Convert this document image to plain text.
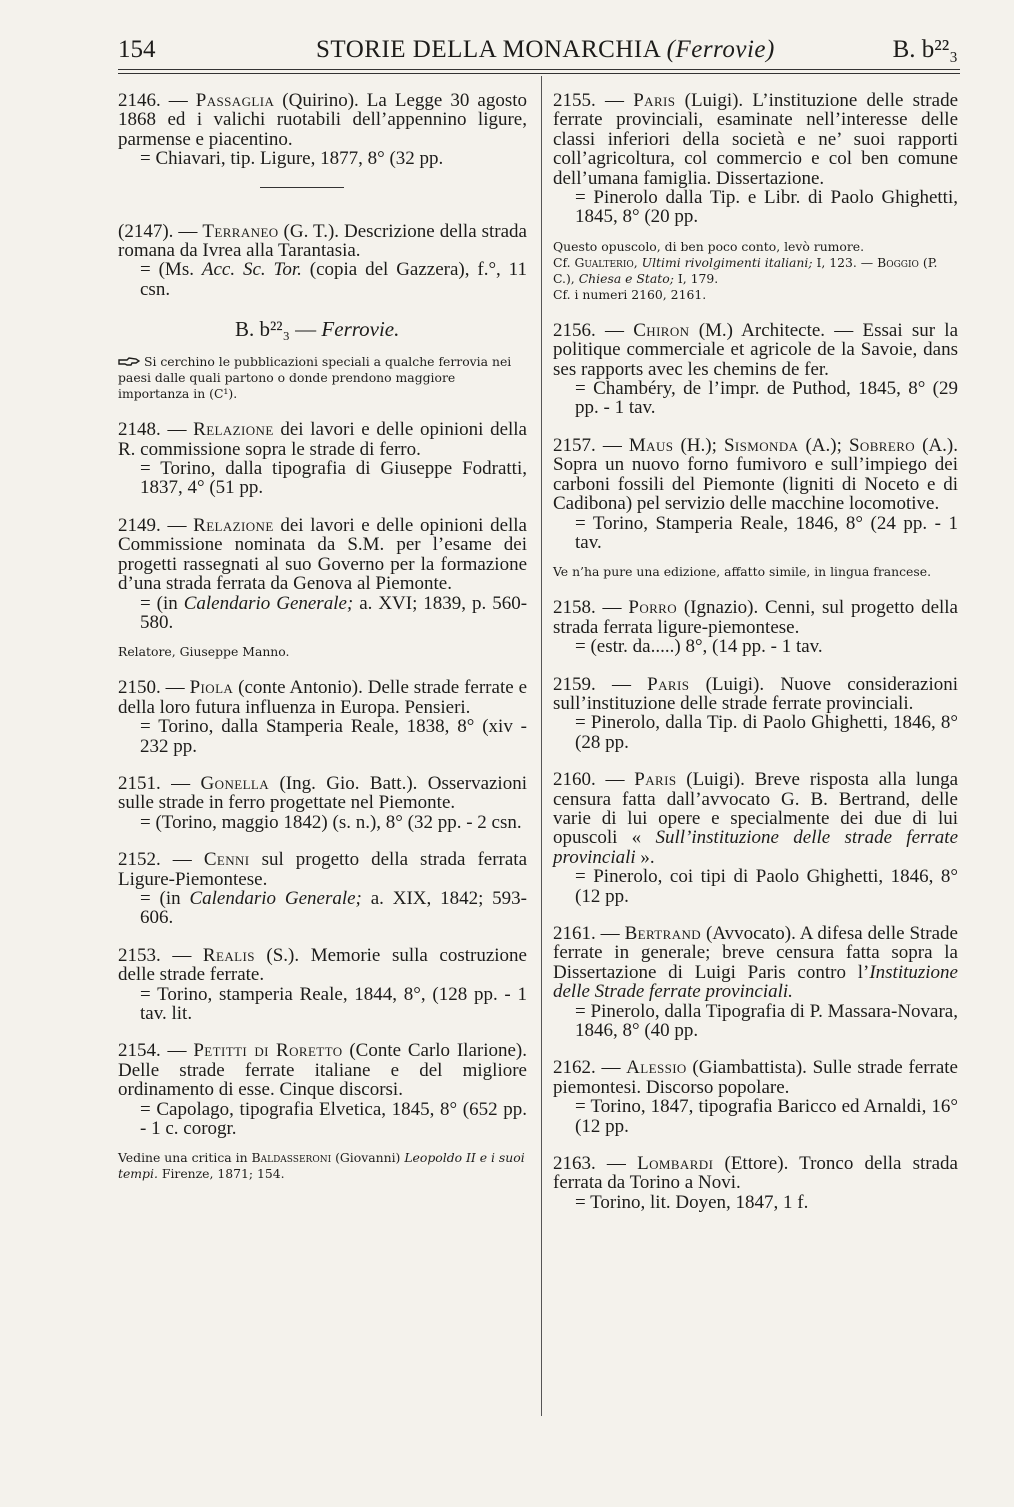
154	STORIE DELLA MONARCHIA (Ferrovie)	B. b²²₃
2146. — Passaglia (Quirino). La Legge 30 agosto 1868 ed i valichi ruotabili dell’appennino ligure, parmense e piacentino.
= Chiavari, tip. Ligure, 1877, 8° (32 pp.
(2147). — Terraneo (G. T.). Descrizione della strada romana da Ivrea alla Tarantasia.
= (Ms. Acc. Sc. Tor. (copia del Gazzera), f.°, 11 csn.
B. b²²₃ — Ferrovie.
Si cerchino le pubblicazioni speciali a qualche ferrovia nei paesi dalle quali partono o donde prendono maggiore importanza in (C¹).
2148. — Relazione dei lavori e delle opinioni della R. commissione sopra le strade di ferro.
= Torino, dalla tipografia di Giuseppe Fodratti, 1837, 4° (51 pp.
2149. — Relazione dei lavori e delle opinioni della Commissione nominata da S.M. per l’esame dei progetti rassegnati al suo Governo per la formazione d’una strada ferrata da Genova al Piemonte.
= (in Calendario Generale; a. XVI; 1839, p. 560-580.
Relatore, Giuseppe Manno.
2150. — Piola (conte Antonio). Delle strade ferrate e della loro futura influenza in Europa. Pensieri.
= Torino, dalla Stamperia Reale, 1838, 8° (xiv - 232 pp.
2151. — Gonella (Ing. Gio. Batt.). Osservazioni sulle strade in ferro progettate nel Piemonte.
= (Torino, maggio 1842) (s. n.), 8° (32 pp. - 2 csn.
2152. — Cenni sul progetto della strada ferrata Ligure-Piemontese.
= (in Calendario Generale; a. XIX, 1842; 593-606.
2153. — Realis (S.). Memorie sulla costruzione delle strade ferrate.
= Torino, stamperia Reale, 1844, 8°, (128 pp. - 1 tav. lit.
2154. — Petitti di Roretto (Conte Carlo Ilarione). Delle strade ferrate italiane e del migliore ordinamento di esse. Cinque discorsi.
= Capolago, tipografia Elvetica, 1845, 8° (652 pp. - 1 c. corogr.
Vedine una critica in Baldasseroni (Giovanni) Leopoldo II e i suoi tempi. Firenze, 1871; 154.
2155. — Paris (Luigi). L’instituzione delle strade ferrate provinciali, esaminate nell’interesse delle classi inferiori della società e ne’ suoi rapporti coll’agricoltura, col commercio e col ben comune dell’umana famiglia. Dissertazione.
= Pinerolo dalla Tip. e Libr. di Paolo Ghighetti, 1845, 8° (20 pp.
Questo opuscolo, di ben poco conto, levò rumore.
Cf. Gualterio, Ultimi rivolgimenti italiani; I, 123. — Boggio (P. C.), Chiesa e Stato; I, 179.
Cf. i numeri 2160, 2161.
2156. — Chiron (M.) Architecte. — Essai sur la politique commerciale et agricole de la Savoie, dans ses rapports avec les chemins de fer.
= Chambéry, de l’impr. de Puthod, 1845, 8° (29 pp. - 1 tav.
2157. — Maus (H.); Sismonda (A.); Sobrero (A.). Sopra un nuovo forno fumivoro e sull’impiego dei carboni fossili del Piemonte (ligniti di Noceto e di Cadibona) pel servizio delle macchine locomotive.
= Torino, Stamperia Reale, 1846, 8° (24 pp. - 1 tav.
Ve n’ha pure una edizione, affatto simile, in lingua francese.
2158. — Porro (Ignazio). Cenni, sul progetto della strada ferrata ligure-piemontese.
= (estr. da.....) 8°, (14 pp. - 1 tav.
2159. — Paris (Luigi). Nuove considerazioni sull’instituzione delle strade ferrate provinciali.
= Pinerolo, dalla Tip. di Paolo Ghighetti, 1846, 8° (28 pp.
2160. — Paris (Luigi). Breve risposta alla lunga censura fatta dall’avvocato G. B. Bertrand, delle varie di lui opere e specialmente dei due di lui opuscoli « Sull’instituzione delle strade ferrate provinciali ».
= Pinerolo, coi tipi di Paolo Ghighetti, 1846, 8° (12 pp.
2161. — Bertrand (Avvocato). A difesa delle Strade ferrate in generale; breve censura fatta sopra la Dissertazione di Luigi Paris contro l’Instituzione delle Strade ferrate provinciali.
= Pinerolo, dalla Tipografia di P. Massara-Novara, 1846, 8° (40 pp.
2162. — Alessio (Giambattista). Sulle strade ferrate piemontesi. Discorso popolare.
= Torino, 1847, tipografia Baricco ed Arnaldi, 16° (12 pp.
2163. — Lombardi (Ettore). Tronco della strada ferrata da Torino a Novi.
= Torino, lit. Doyen, 1847, 1 f.
